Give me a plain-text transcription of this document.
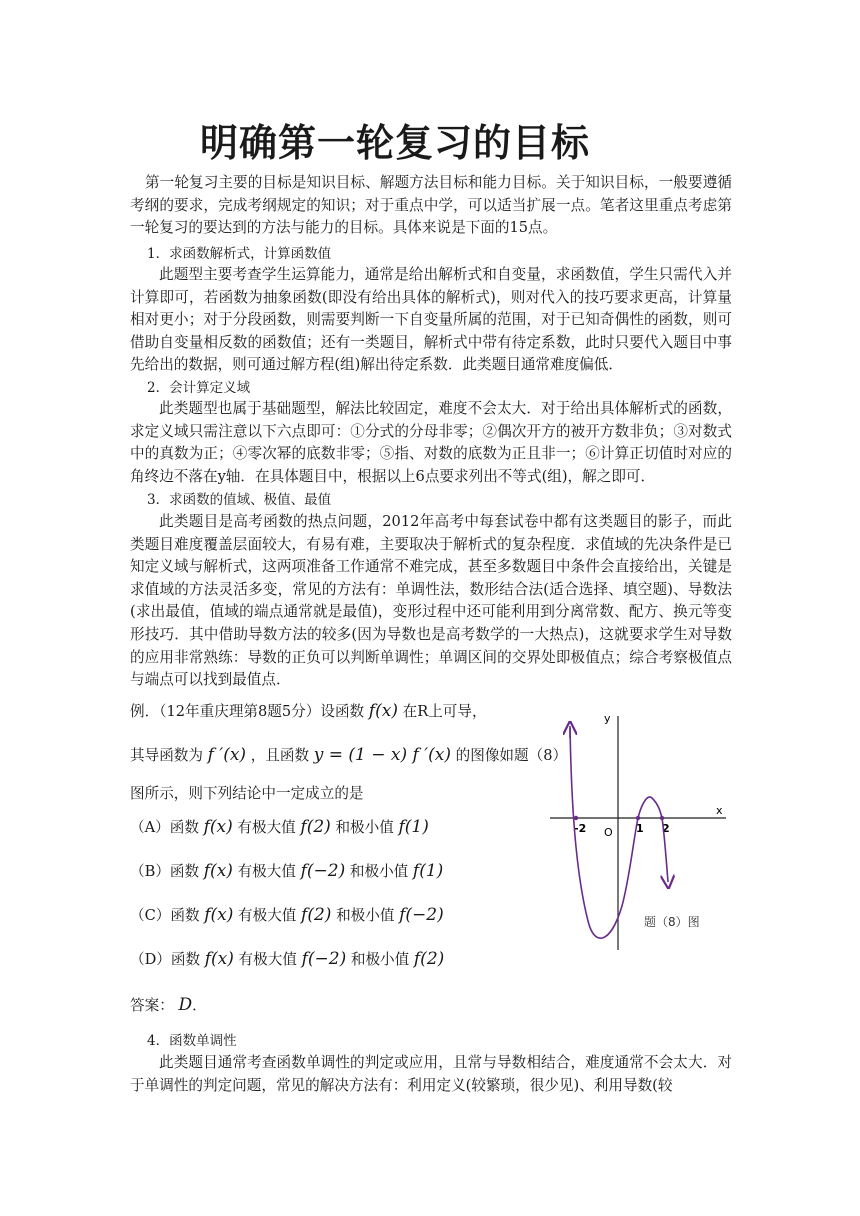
明确第一轮复习的目标

第一轮复习主要的目标是知识目标、解题方法目标和能力目标。关于知识目标，一般要遵循考纲的要求，完成考纲规定的知识；对于重点中学，可以适当扩展一点。笔者这里重点考虑第一轮复习的要达到的方法与能力的目标。具体来说是下面的15点。

1．求函数解析式，计算函数值

此题型主要考查学生运算能力，通常是给出解析式和自变量，求函数值，学生只需代入并计算即可，若函数为抽象函数(即没有给出具体的解析式)，则对代入的技巧要求更高，计算量相对更小；对于分段函数，则需要判断一下自变量所属的范围，对于已知奇偶性的函数，则可借助自变量相反数的函数值；还有一类题目，解析式中带有待定系数，此时只要代入题目中事先给出的数据，则可通过解方程(组)解出待定系数．此类题目通常难度偏低．

2．会计算定义域

此类题型也属于基础题型，解法比较固定，难度不会太大．对于给出具体解析式的函数，求定义域只需注意以下六点即可：①分式的分母非零；②偶次开方的被开方数非负；③对数式中的真数为正；④零次幂的底数非零；⑤指、对数的底数为正且非一；⑥计算正切值时对应的角终边不落在y轴．在具体题目中，根据以上6点要求列出不等式(组)，解之即可．

3．求函数的值域、极值、最值

此类题目是高考函数的热点问题，2012年高考中每套试卷中都有这类题目的影子，而此类题目难度覆盖层面较大，有易有难，主要取决于解析式的复杂程度．求值域的先决条件是已知定义域与解析式，这两项准备工作通常不难完成，甚至多数题目中条件会直接给出，关键是求值域的方法灵活多变，常见的方法有：单调性法，数形结合法(适合选择、填空题)、导数法(求出最值，值域的端点通常就是最值)，变形过程中还可能利用到分离常数、配方、换元等变形技巧．其中借助导数方法的较多(因为导数也是高考数学的一大热点)，这就要求学生对导数的应用非常熟练：导数的正负可以判断单调性；单调区间的交界处即极值点；综合考察极值点与端点可以找到最值点．

例．（12年重庆理第8题5分）设函数 f(x) 在R上可导，
其导函数为 f ′(x) ，且函数 y = (1 − x) f ′(x) 的图像如题（8）
图所示，则下列结论中一定成立的是
（A）函数 f(x) 有极大值 f(2) 和极小值 f(1)
（B）函数 f(x) 有极大值 f(−2) 和极小值 f(1)
（C）函数 f(x) 有极大值 f(2) 和极小值 f(−2)
（D）函数 f(x) 有极大值 f(−2) 和极小值 f(2)
答案： D．
x
y
O
-2	1 2
题（8）图

4．函数单调性

此类题目通常考查函数单调性的判定或应用，且常与导数相结合，难度通常不会太大．对于单调性的判定问题，常见的解决方法有：利用定义(较繁琐，很少见)、利用导数(较
